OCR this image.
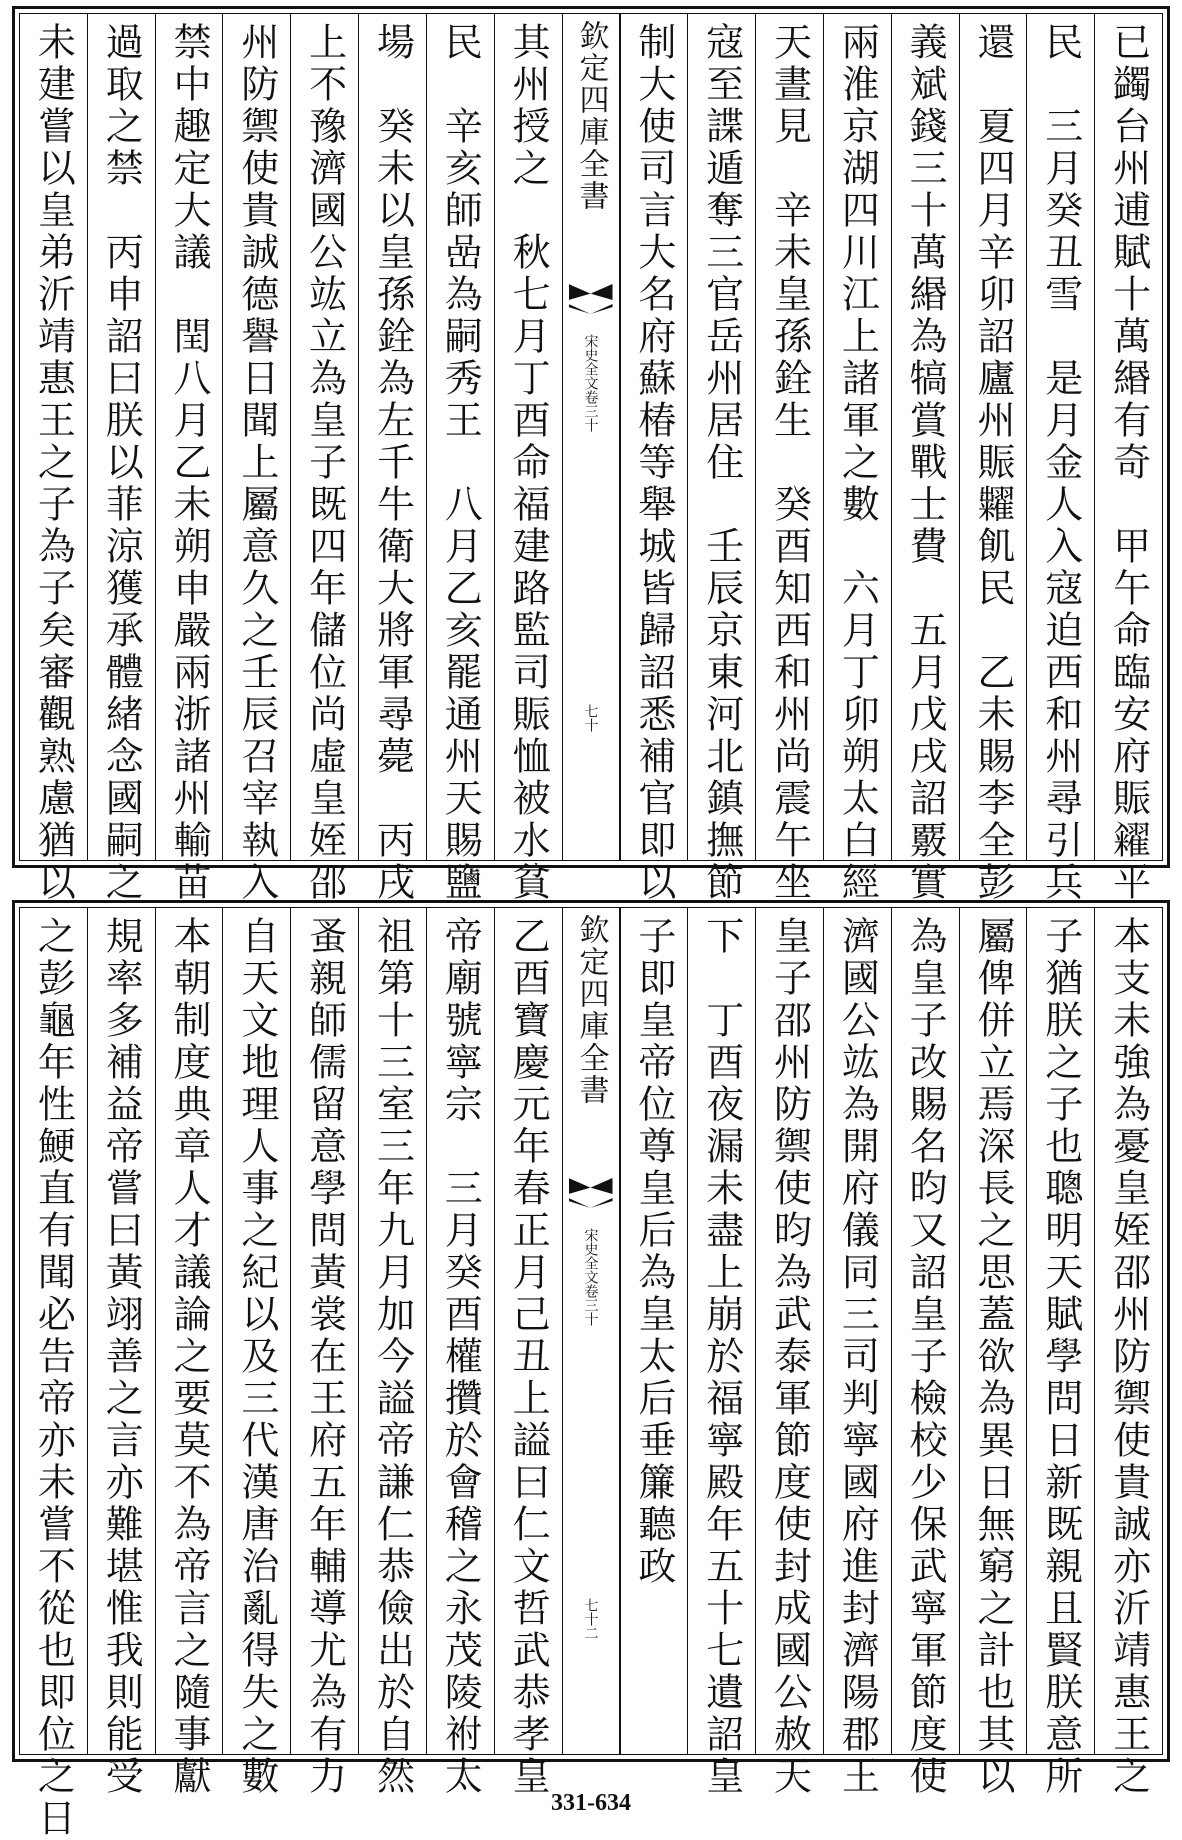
已蠲台州逋賦十萬緡有奇　甲午命臨安府賑糴平
民　三月癸丑雪　是月金人入寇迫西和州尋引兵
還　夏四月辛卯詔廬州賑糶飢民　乙未賜李全彭
義斌錢三十萬緡為犒賞戰士費　五月戊戌詔覈實
兩淮京湖四川江上諸軍之數　六月丁卯朔太白經
天晝見　辛未皇孫銓生　癸酉知西和州尚震午坐
寇至諜遁奪三官岳州居住　壬辰京東河北鎮撫節
制大使司言大名府蘇椿等舉城皆歸詔悉補官即以
欽定四庫全書
宋史全文卷三十
七十
其州授之　秋七月丁酉命福建路監司賑恤被水貧
民　辛亥師嵒為嗣秀王　八月乙亥罷通州天賜鹽
場　癸未以皇孫銓為左千牛衛大將軍尋薨　丙戌
上不豫濟國公竑立為皇子既四年儲位尚虛皇姪邵
州防禦使貴誠德譽日聞上屬意久之壬辰召宰執入
禁中趣定大議　閏八月乙未朔申嚴兩浙諸州輸苗
過取之禁　丙申詔曰朕以菲涼獲承體緒念國嗣之
未建嘗以皇弟沂靖惠王之子為子矣審觀熟慮猶以
本支未強為憂皇姪邵州防禦使貴誠亦沂靖惠王之
子猶朕之子也聰明天賦學問日新既親且賢朕意所
屬俾併立焉深長之思蓋欲為異日無窮之計也其以
為皇子改賜名昀又詔皇子檢校少保武寧軍節度使
濟國公竑為開府儀同三司判寧國府進封濟陽郡王
皇子邵州防禦使昀為武泰軍節度使封成國公赦天
下　丁酉夜漏未盡上崩於福寧殿年五十七遺詔皇
子即皇帝位尊皇后為皇太后垂簾聽政
欽定四庫全書
宋史全文卷三十
七十二
乙酉寶慶元年春正月己丑上謚曰仁文哲武恭孝皇
帝廟號寧宗　三月癸酉權攢於會稽之永茂陵祔太
祖第十三室三年九月加今謚帝謙仁恭儉出於自然
蚤親師儒留意學問黃裳在王府五年輔導尤為有力
自天文地理人事之紀以及三代漢唐治亂得失之數
本朝制度典章人才議論之要莫不為帝言之隨事獻
規率多補益帝嘗曰黃翊善之言亦難堪惟我則能受
之彭龜年性鯁直有聞必告帝亦未嘗不從也即位之日	331-634
